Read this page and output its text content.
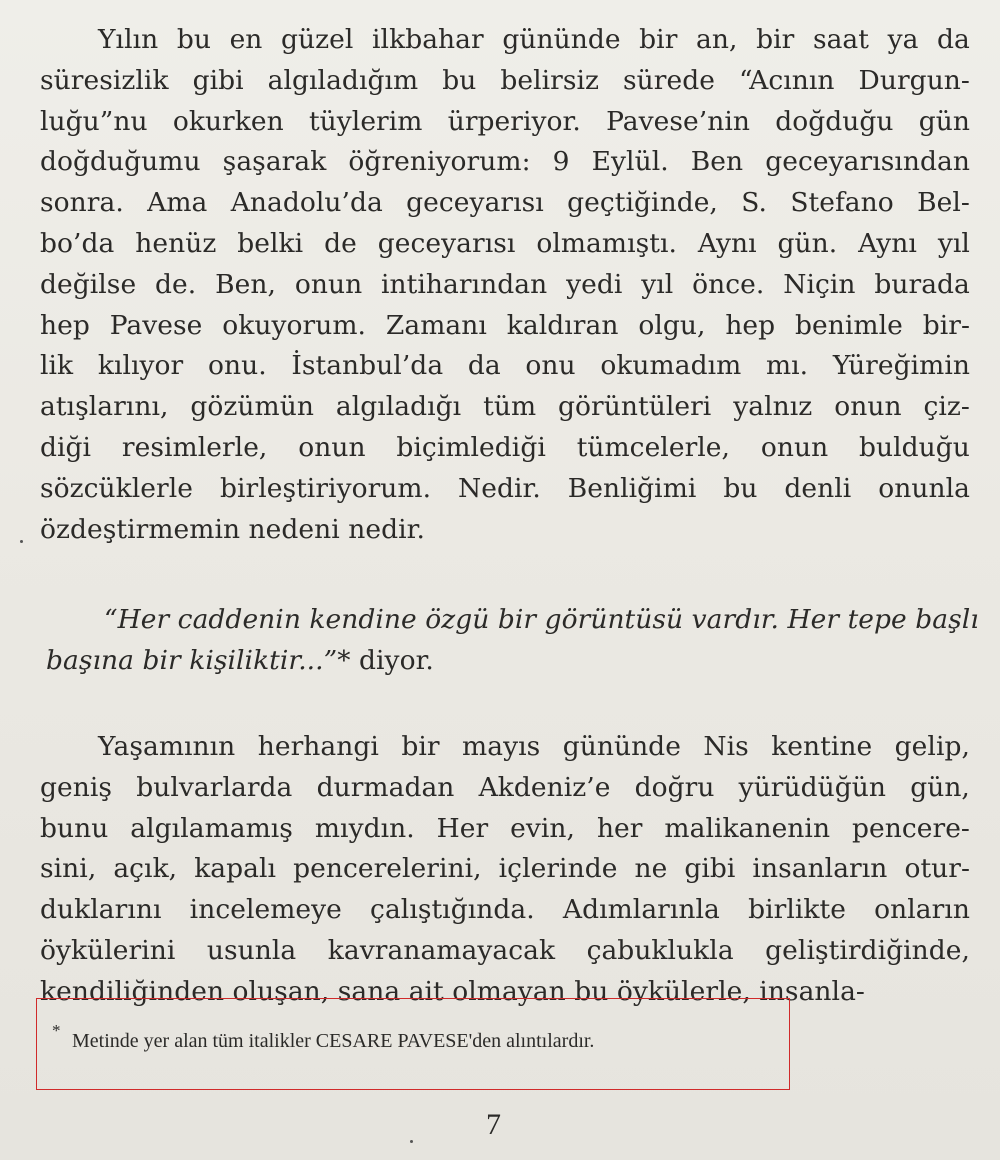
Yılın bu en güzel ilkbahar gününde bir an, bir saat ya da
süresizlik gibi algıladığım bu belirsiz sürede “Acının Durgun-
luğu”nu okurken tüylerim ürperiyor. Pavese’nin doğduğu gün
doğduğumu şaşarak öğreniyorum: 9 Eylül. Ben geceyarısından
sonra. Ama Anadolu’da geceyarısı geçtiğinde, S. Stefano Bel-
bo’da henüz belki de geceyarısı olmamıştı. Aynı gün. Aynı yıl
değilse de. Ben, onun intiharından yedi yıl önce. Niçin burada
hep Pavese okuyorum. Zamanı kaldıran olgu, hep benimle bir-
lik kılıyor onu. İstanbul’da da onu okumadım mı. Yüreğimin
atışlarını, gözümün algıladığı tüm görüntüleri yalnız onun çiz-
diği resimlerle, onun biçimlediği tümcelerle, onun bulduğu
sözcüklerle birleştiriyorum. Nedir. Benliğimi bu denli onunla
özdeştirmemin nedeni nedir.
“Her caddenin kendine özgü bir görüntüsü vardır. Her tepe başlı
başına bir kişiliktir...”* diyor.
Yaşamının herhangi bir mayıs gününde Nis kentine gelip,
geniş bulvarlarda durmadan Akdeniz’e doğru yürüdüğün gün,
bunu algılamamış mıydın. Her evin, her malikanenin pencere-
sini, açık, kapalı pencerelerini, içlerinde ne gibi insanların otur-
duklarını incelemeye çalıştığında. Adımlarınla birlikte onların
öykülerini usunla kavranamayacak çabuklukla geliştirdiğinde,
kendiliğinden oluşan, sana ait olmayan bu öykülerle, insanla-
* Metinde yer alan tüm italikler CESARE PAVESE'den alıntılardır.
7
